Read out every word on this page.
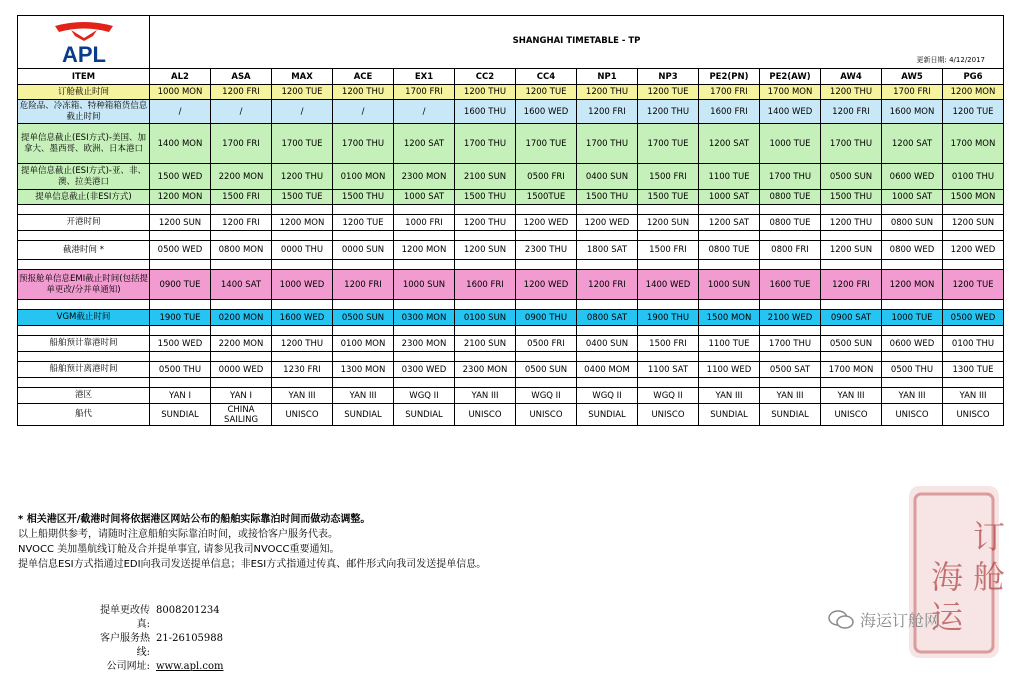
APL	SHANGHAI TIMETABLE - TP
更新日期: 4/12/2017													

ITEM	AL2	ASA	MAX	ACE	EX1	CC2	CC4	NP1	NP3	PE2(PN)	PE2(AW)	AW4	AW5	PG6
订舱截止时间	1000 MON	1200 FRI	1200 TUE	1200 THU	1700 FRI	1200 THU	1200 TUE	1200 THU	1200 TUE	1700 FRI	1700 MON	1200 THU	1700 FRI	1200 MON
危险品、冷冻箱、特种箱箱货信息截止时间	/	/	/	/	/	1600 THU	1600 WED	1200 FRI	1200 THU	1600 FRI	1400 WED	1200 FRI	1600 MON	1200 TUE
提单信息截止(ESI方式)-美国、加拿大、墨西哥、欧洲、日本港口	1400 MON	1700 FRI	1700 TUE	1700 THU	1200 SAT	1700 THU	1700 TUE	1700 THU	1700 TUE	1200 SAT	1000 TUE	1700 THU	1200 SAT	1700 MON
提单信息截止(ESI方式)-亚、非、澳、拉美港口	1500 WED	2200 MON	1200 THU	0100 MON	2300 MON	2100 SUN	0500 FRI	0400 SUN	1500 FRI	1100 TUE	1700 THU	0500 SUN	0600 WED	0100 THU
提单信息截止(非ESI方式)	1200 MON	1500 FRI	1500 TUE	1500 THU	1000 SAT	1500 THU	1500TUE	1500 THU	1500 TUE	1000 SAT	0800 TUE	1500 THU	1000 SAT	1500 MON

开港时间	1200 SUN	1200 FRI	1200 MON	1200 TUE	1000 FRI	1200 THU	1200 WED	1200 WED	1200 SUN	1200 SAT	0800 TUE	1200 THU	0800 SUN	1200 SUN

截港时间 *	0500 WED	0800 MON	0000 THU	0000 SUN	1200 MON	1200 SUN	2300 THU	1800 SAT	1500 FRI	0800 TUE	0800 FRI	1200 SUN	0800 WED	1200 WED

预报舱单信息EMI截止时间(包括提单更改/分并单通知)	0900 TUE	1400 SAT	1000 WED	1200 FRI	1000 SUN	1600 FRI	1200 WED	1200 FRI	1400 WED	1000 SUN	1600 TUE	1200 FRI	1200 MON	1200 TUE

VGM截止时间	1900 TUE	0200 MON	1600 WED	0500 SUN	0300 MON	0100 SUN	0900 THU	0800 SAT	1900 THU	1500 MON	2100 WED	0900 SAT	1000 TUE	0500 WED

船舶预计靠港时间	1500 WED	2200 MON	1200 THU	0100 MON	2300 MON	2100 SUN	0500 FRI	0400 SUN	1500 FRI	1100 TUE	1700 THU	0500 SUN	0600 WED	0100 THU

船舶预计离港时间	0500 THU	0000 WED	1230 FRI	1300 MON	0300 WED	2300 MON	0500 SUN	0400 MOM	1100 SAT	1100 WED	0500 SAT	1700 MON	0500 THU	1300 TUE

港区	YAN I	YAN I	YAN III	YAN III	WGQ II	YAN III	WGQ II	WGQ II	WGQ II	YAN III	YAN III	YAN III	YAN III	YAN III
船代	SUNDIAL	CHINA SAILING	UNISCO	SUNDIAL	SUNDIAL	UNISCO	UNISCO	SUNDIAL	UNISCO	SUNDIAL	SUNDIAL	UNISCO	UNISCO	UNISCO
* 相关港区开/截港时间将依据港区网站公布的船舶实际靠泊时间而做动态调整。
以上船期供参考，请随时注意船舶实际靠泊时间，或接恰客户服务代表。
NVOCC 美加墨航线订舱及合并提单事宜, 请参见我司NVOCC重要通知。
提单信息ESI方式指通过EDI向我司发送提单信息；非ESI方式指通过传真、邮件形式向我司发送提单信息。
提单更改传真:
8008201234
客户服务热线:
21-26105988
公司网址: www.apl.com
订
舱
海
运
海运订舱网
